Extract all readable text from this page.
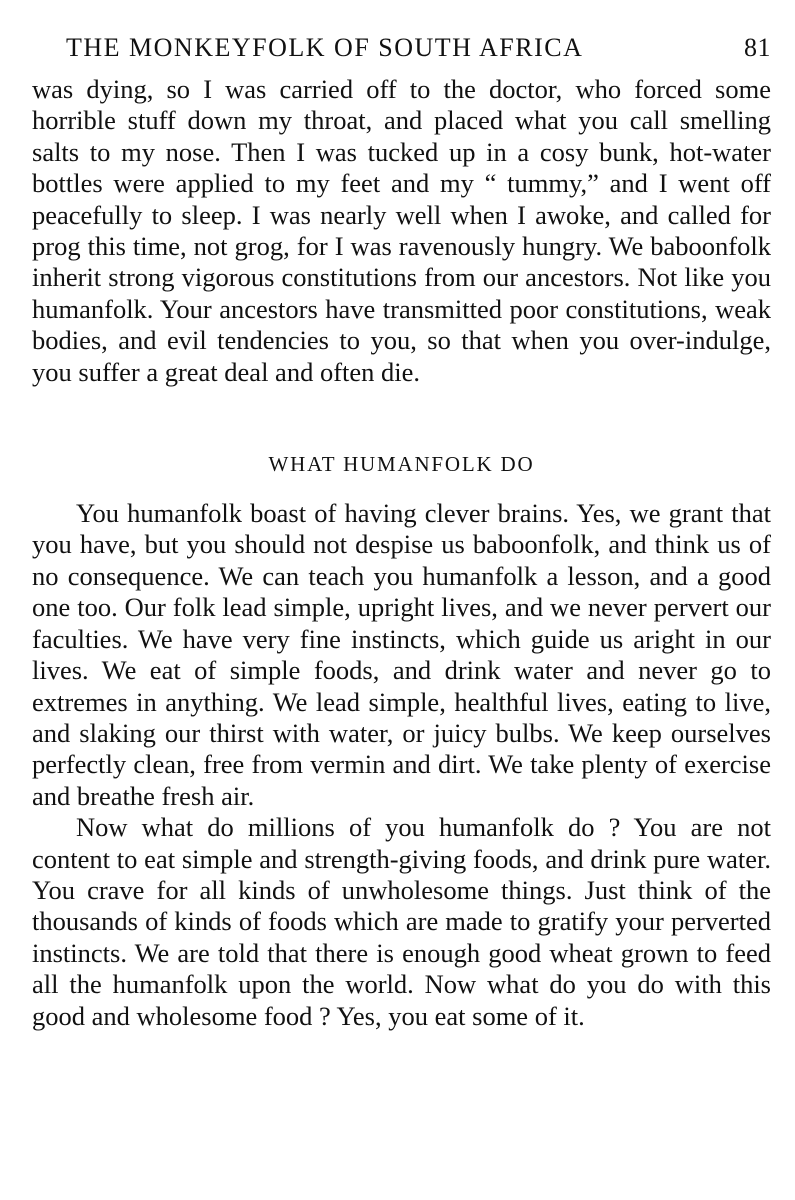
THE MONKEYFOLK OF SOUTH AFRICA	81

was dying, so I was carried off to the doctor, who forced some horrible stuff down my throat, and placed what you call smelling salts to my nose. Then I was tucked up in a cosy bunk, hot-water bottles were applied to my feet and my “ tummy,” and I went off peacefully to sleep. I was nearly well when I awoke, and called for prog this time, not grog, for I was ravenously hungry. We baboonfolk inherit strong vigorous constitutions from our ancestors. Not like you humanfolk. Your ancestors have transmitted poor constitutions, weak bodies, and evil tendencies to you, so that when you over-indulge, you suffer a great deal and often die.

WHAT HUMANFOLK DO

You humanfolk boast of having clever brains. Yes, we grant that you have, but you should not despise us baboonfolk, and think us of no consequence. We can teach you humanfolk a lesson, and a good one too. Our folk lead simple, upright lives, and we never pervert our faculties. We have very fine instincts, which guide us aright in our lives. We eat of simple foods, and drink water and never go to extremes in anything. We lead simple, healthful lives, eating to live, and slaking our thirst with water, or juicy bulbs. We keep ourselves perfectly clean, free from vermin and dirt. We take plenty of exercise and breathe fresh air.

Now what do millions of you humanfolk do ? You are not content to eat simple and strength-giving foods, and drink pure water. You crave for all kinds of unwholesome things. Just think of the thousands of kinds of foods which are made to gratify your perverted instincts. We are told that there is enough good wheat grown to feed all the humanfolk upon the world. Now what do you do with this good and wholesome food ? Yes, you eat some of it.
